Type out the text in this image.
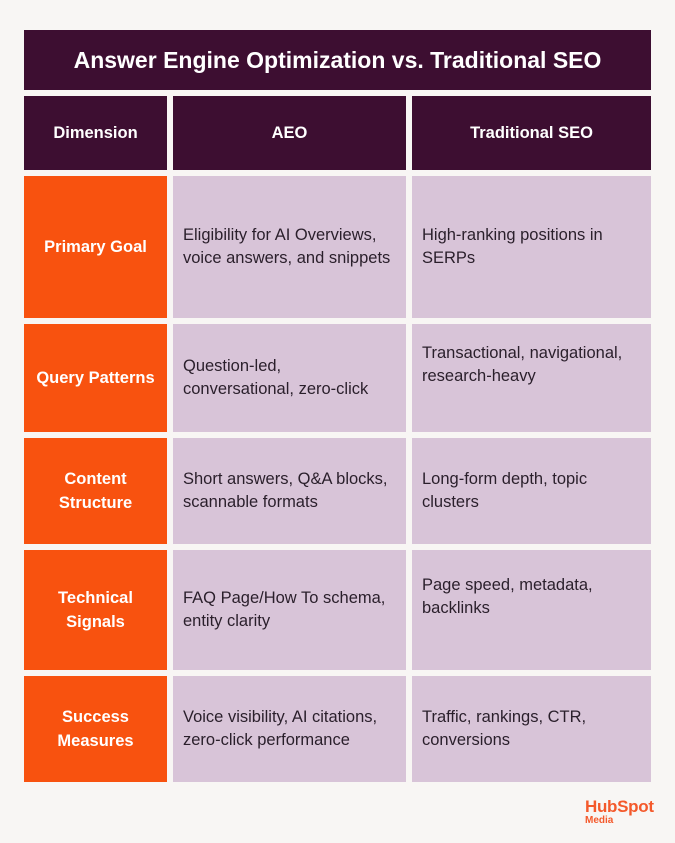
Answer Engine Optimization vs. Traditional SEO
Dimension	AEO	Traditional SEO
Primary Goal
Eligibility for AI Overviews, voice answers, and snippets
High-ranking positions in SERPs
Query Patterns
Question-led, conversational, zero-click
Transactional, navigational, research-heavy
Content Structure
Short answers, Q&A blocks, scannable formats
Long-form depth, topic clusters
Technical Signals
FAQ Page/How To schema, entity clarity
Page speed, metadata, backlinks
Success Measures
Voice visibility, AI citations, zero-click performance
Traffic, rankings, CTR, conversions
HubSpot
Media
